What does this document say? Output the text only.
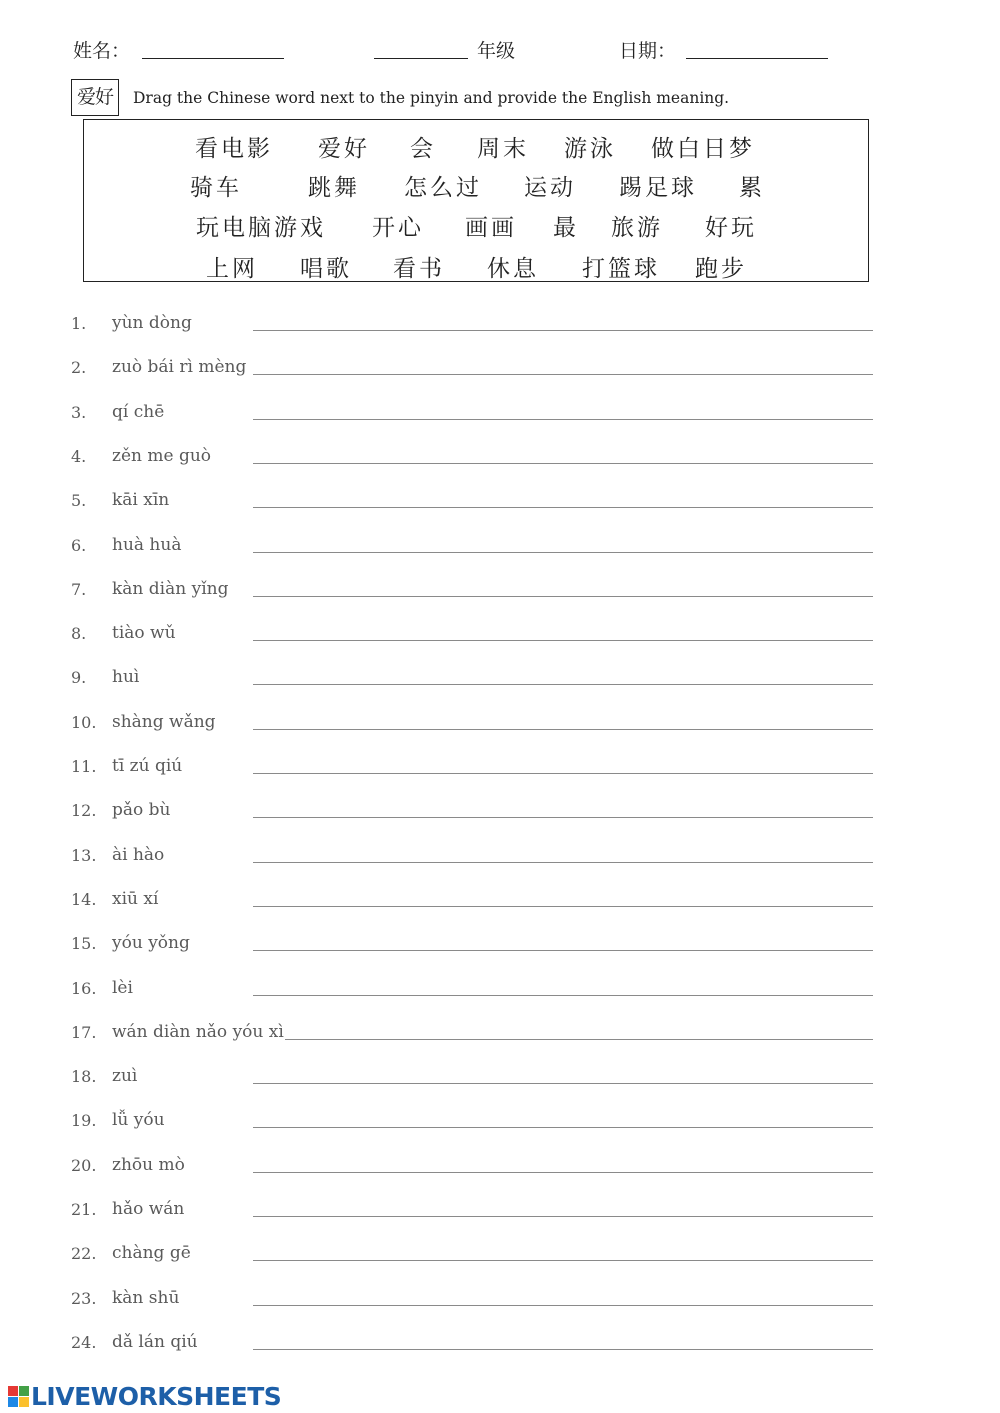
姓名：	年级	日期：
爱好	Drag the Chinese word next to the pinyin and provide the English meaning.
看电影 爱好 会 周末 游泳 做白日梦
骑车	跳舞 怎么过 运动 踢足球 累
玩电脑游戏 开心 画画 最 旅游 好玩
上网 唱歌 看书 休息 打篮球 跑步
1. yùn dòng
2. zuò bái rì mèng
3. qí chē
4. zěn me guò
5. kāi xīn
6. huà huà
7. kàn diàn yǐng
8. tiào wǔ
9. huì
10. shàng wǎng
11. tī zú qiú
12. pǎo bù
13. ài hào
14. xiū xí
15. yóu yǒng
16. lèi
17. wán diàn nǎo yóu xì
18. zuì
19. lǚ yóu
20. zhōu mò
21. hǎo wán
22. chàng gē
23. kàn shū
24. dǎ lán qiú
LIVEWORKSHEETS
